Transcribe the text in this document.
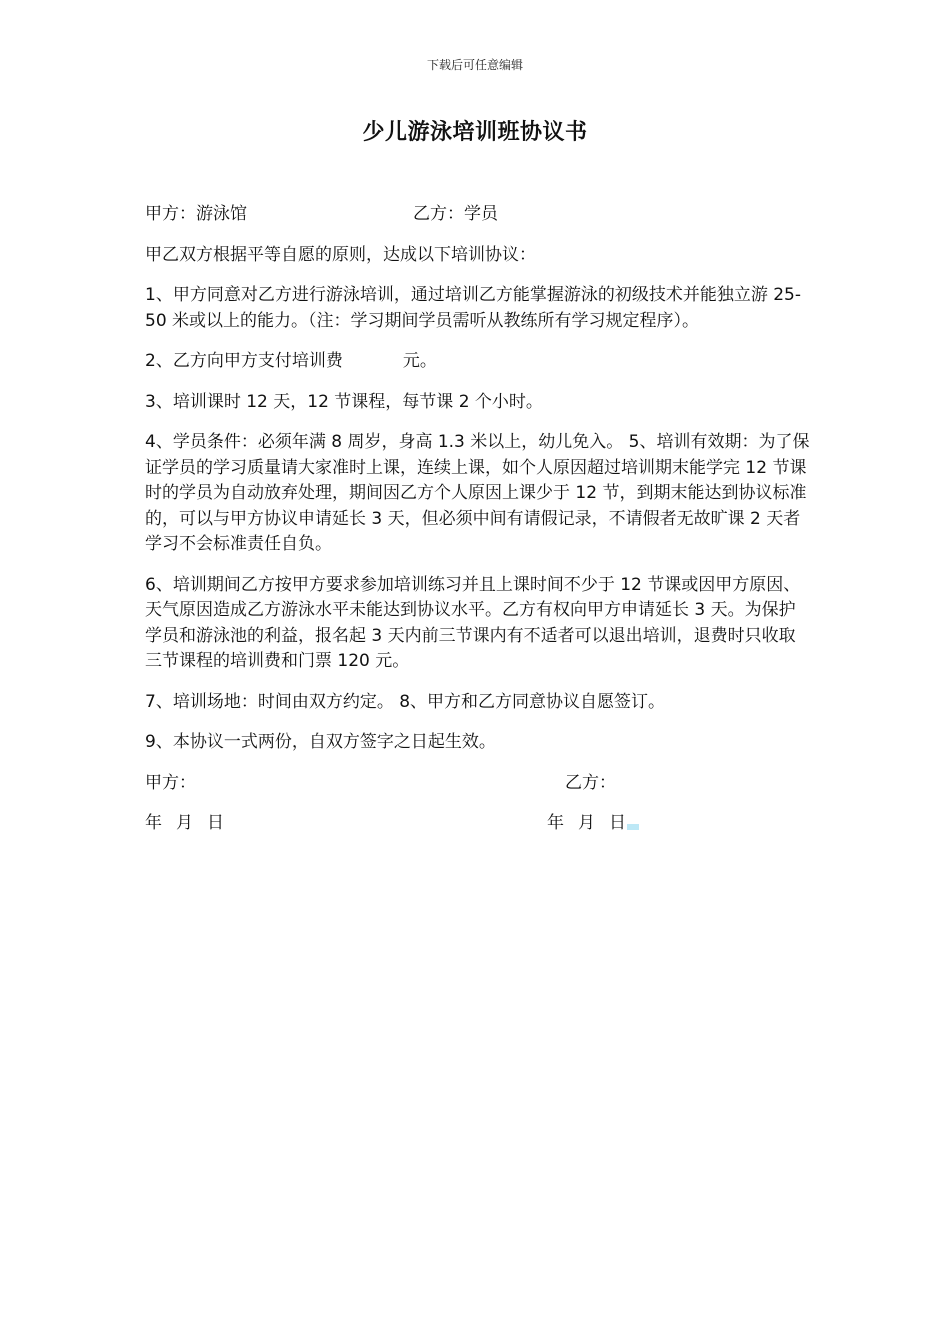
下载后可任意编辑
少儿游泳培训班协议书
甲方：游泳馆	乙方：学员
甲乙双方根据平等自愿的原则，达成以下培训协议：
1、甲方同意对乙方进行游泳培训，通过培训乙方能掌握游泳的初级技术并能独立游 25-50 米或以上的能力。（注：学习期间学员需听从教练所有学习规定程序）。
2、乙方向甲方支付培训费	元。
3、培训课时 12 天，12 节课程，每节课 2 个小时。
4、学员条件：必须年满 8 周岁，身高 1.3 米以上，幼儿免入。 5、培训有效期：为了保证学员的学习质量请大家准时上课，连续上课，如个人原因超过培训期末能学完 12 节课时的学员为自动放弃处理，期间因乙方个人原因上课少于 12 节，到期末能达到协议标准的，可以与甲方协议申请延长 3 天，但必须中间有请假记录，不请假者无故旷课 2 天者学习不会标准责任自负。
6、培训期间乙方按甲方要求参加培训练习并且上课时间不少于 12 节课或因甲方原因、天气原因造成乙方游泳水平未能达到协议水平。乙方有权向甲方申请延长 3 天。为保护学员和游泳池的利益，报名起 3 天内前三节课内有不适者可以退出培训，退费时只收取三节课程的培训费和门票 120 元。
7、培训场地：时间由双方约定。 8、甲方和乙方同意协议自愿签订。
9、本协议一式两份，自双方签字之日起生效。
甲方：	乙方：
年 月 日	年 月 日
